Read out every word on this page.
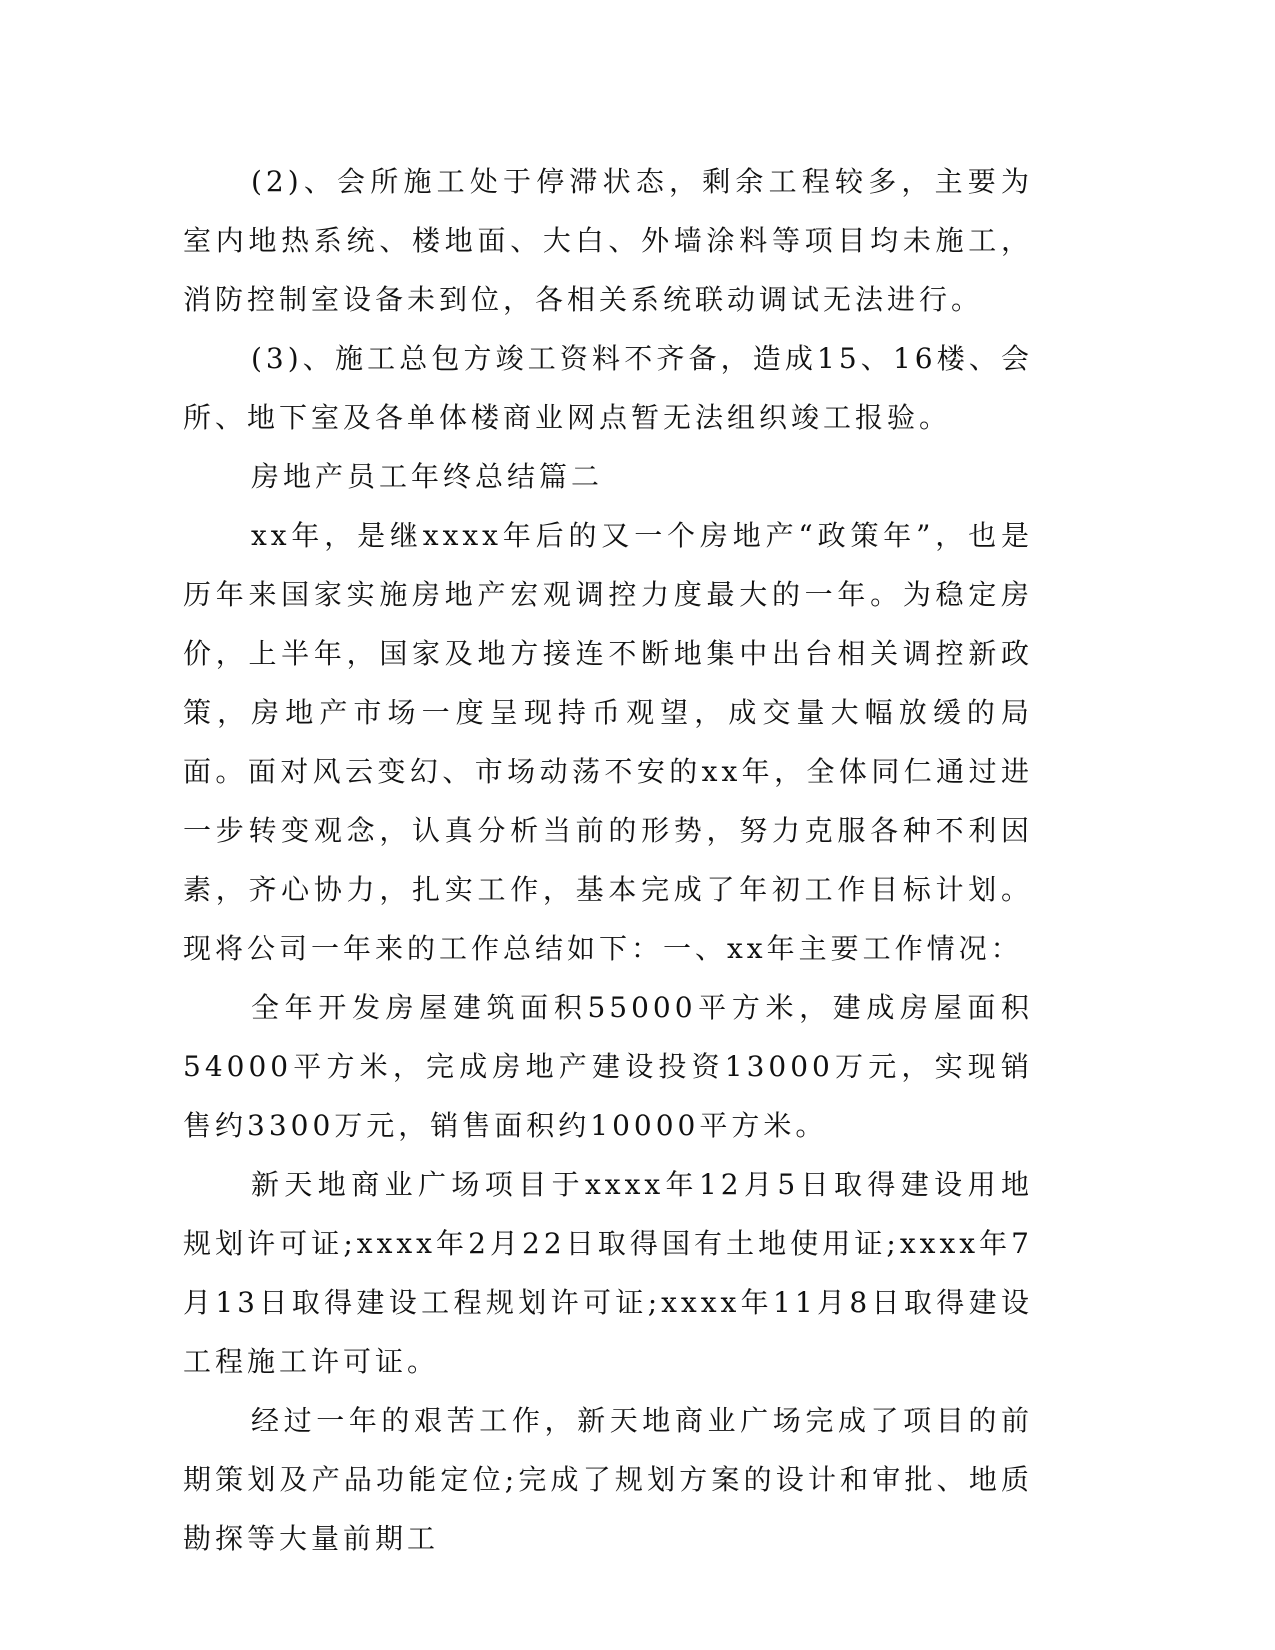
(2)、会所施工处于停滞状态，剩余工程较多，主要为室内地热系统、楼地面、大白、外墙涂料等项目均未施工，消防控制室设备未到位，各相关系统联动调试无法进行。

(3)、施工总包方竣工资料不齐备，造成15、16楼、会所、地下室及各单体楼商业网点暂无法组织竣工报验。

房地产员工年终总结篇二

xx年，是继xxxx年后的又一个房地产“政策年”，也是历年来国家实施房地产宏观调控力度最大的一年。为稳定房价，上半年，国家及地方接连不断地集中出台相关调控新政策，房地产市场一度呈现持币观望，成交量大幅放缓的局面。面对风云变幻、市场动荡不安的xx年，全体同仁通过进一步转变观念，认真分析当前的形势，努力克服各种不利因素，齐心协力，扎实工作，基本完成了年初工作目标计划。现将公司一年来的工作总结如下：一、xx年主要工作情况：

全年开发房屋建筑面积55000平方米，建成房屋面积54000平方米，完成房地产建设投资13000万元，实现销售约3300万元，销售面积约10000平方米。

新天地商业广场项目于xxxx年12月5日取得建设用地规划许可证;xxxx年2月22日取得国有土地使用证;xxxx年7月13日取得建设工程规划许可证;xxxx年11月8日取得建设工程施工许可证。

经过一年的艰苦工作，新天地商业广场完成了项目的前期策划及产品功能定位;完成了规划方案的设计和审批、地质勘探等大量前期工
